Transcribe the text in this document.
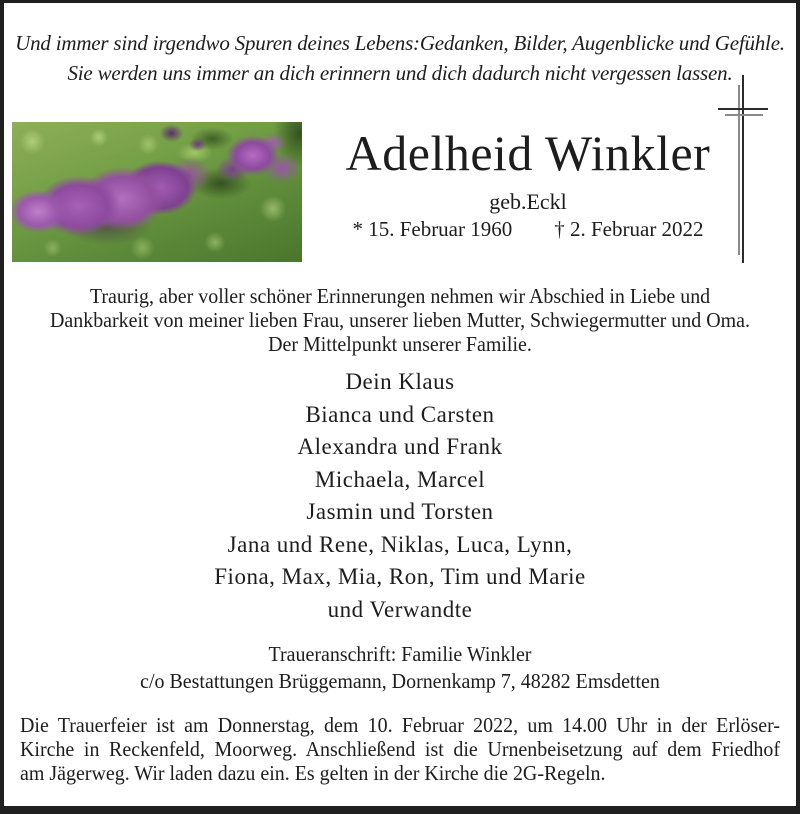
Und immer sind irgendwo Spuren deines Lebens:Gedanken, Bilder, Augenblicke und Gefühle.
Sie werden uns immer an dich erinnern und dich dadurch nicht vergessen lassen.
Adelheid Winkler
geb.Eckl
* 15. Februar 1960 † 2. Februar 2022
Traurig, aber voller schöner Erinnerungen nehmen wir Abschied in Liebe und
Dankbarkeit von meiner lieben Frau, unserer lieben Mutter, Schwiegermutter und Oma.
Der Mittelpunkt unserer Familie.
Dein Klaus
Bianca und Carsten
Alexandra und Frank
Michaela, Marcel
Jasmin und Torsten
Jana und Rene, Niklas, Luca, Lynn,
Fiona, Max, Mia, Ron, Tim und Marie
und Verwandte
Traueranschrift: Familie Winkler
c/o Bestattungen Brüggemann, Dornenkamp 7, 48282 Emsdetten
Die Trauerfeier ist am Donnerstag, dem 10. Februar 2022, um 14.00 Uhr in der Erlöser-
Kirche in Reckenfeld, Moorweg. Anschließend ist die Urnenbeisetzung auf dem Friedhof
am Jägerweg. Wir laden dazu ein. Es gelten in der Kirche die 2G-Regeln.
